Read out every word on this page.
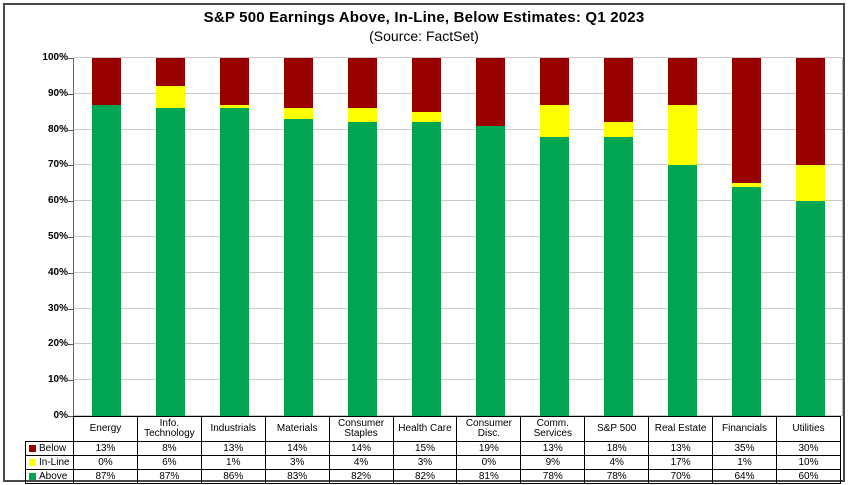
S&P 500 Earnings Above, In-Line, Below Estimates: Q1 2023
(Source: FactSet)
0%
10%
20%
30%
40%
50%
60%
70%
80%
90%
100%
	Energy	Info. Technology	Industrials	Materials	Consumer Staples	Health Care	Consumer Disc.	Comm. Services	S&P 500	Real Estate	Financials	Utilities
Below	13%	8%	13%	14%	14%	15%	19%	13%	18%	13%	35%	30%
In-Line	0%	6%	1%	3%	4%	3%	0%	9%	4%	17%	1%	10%
Above	87%	87%	86%	83%	82%	82%	81%	78%	78%	70%	64%	60%
